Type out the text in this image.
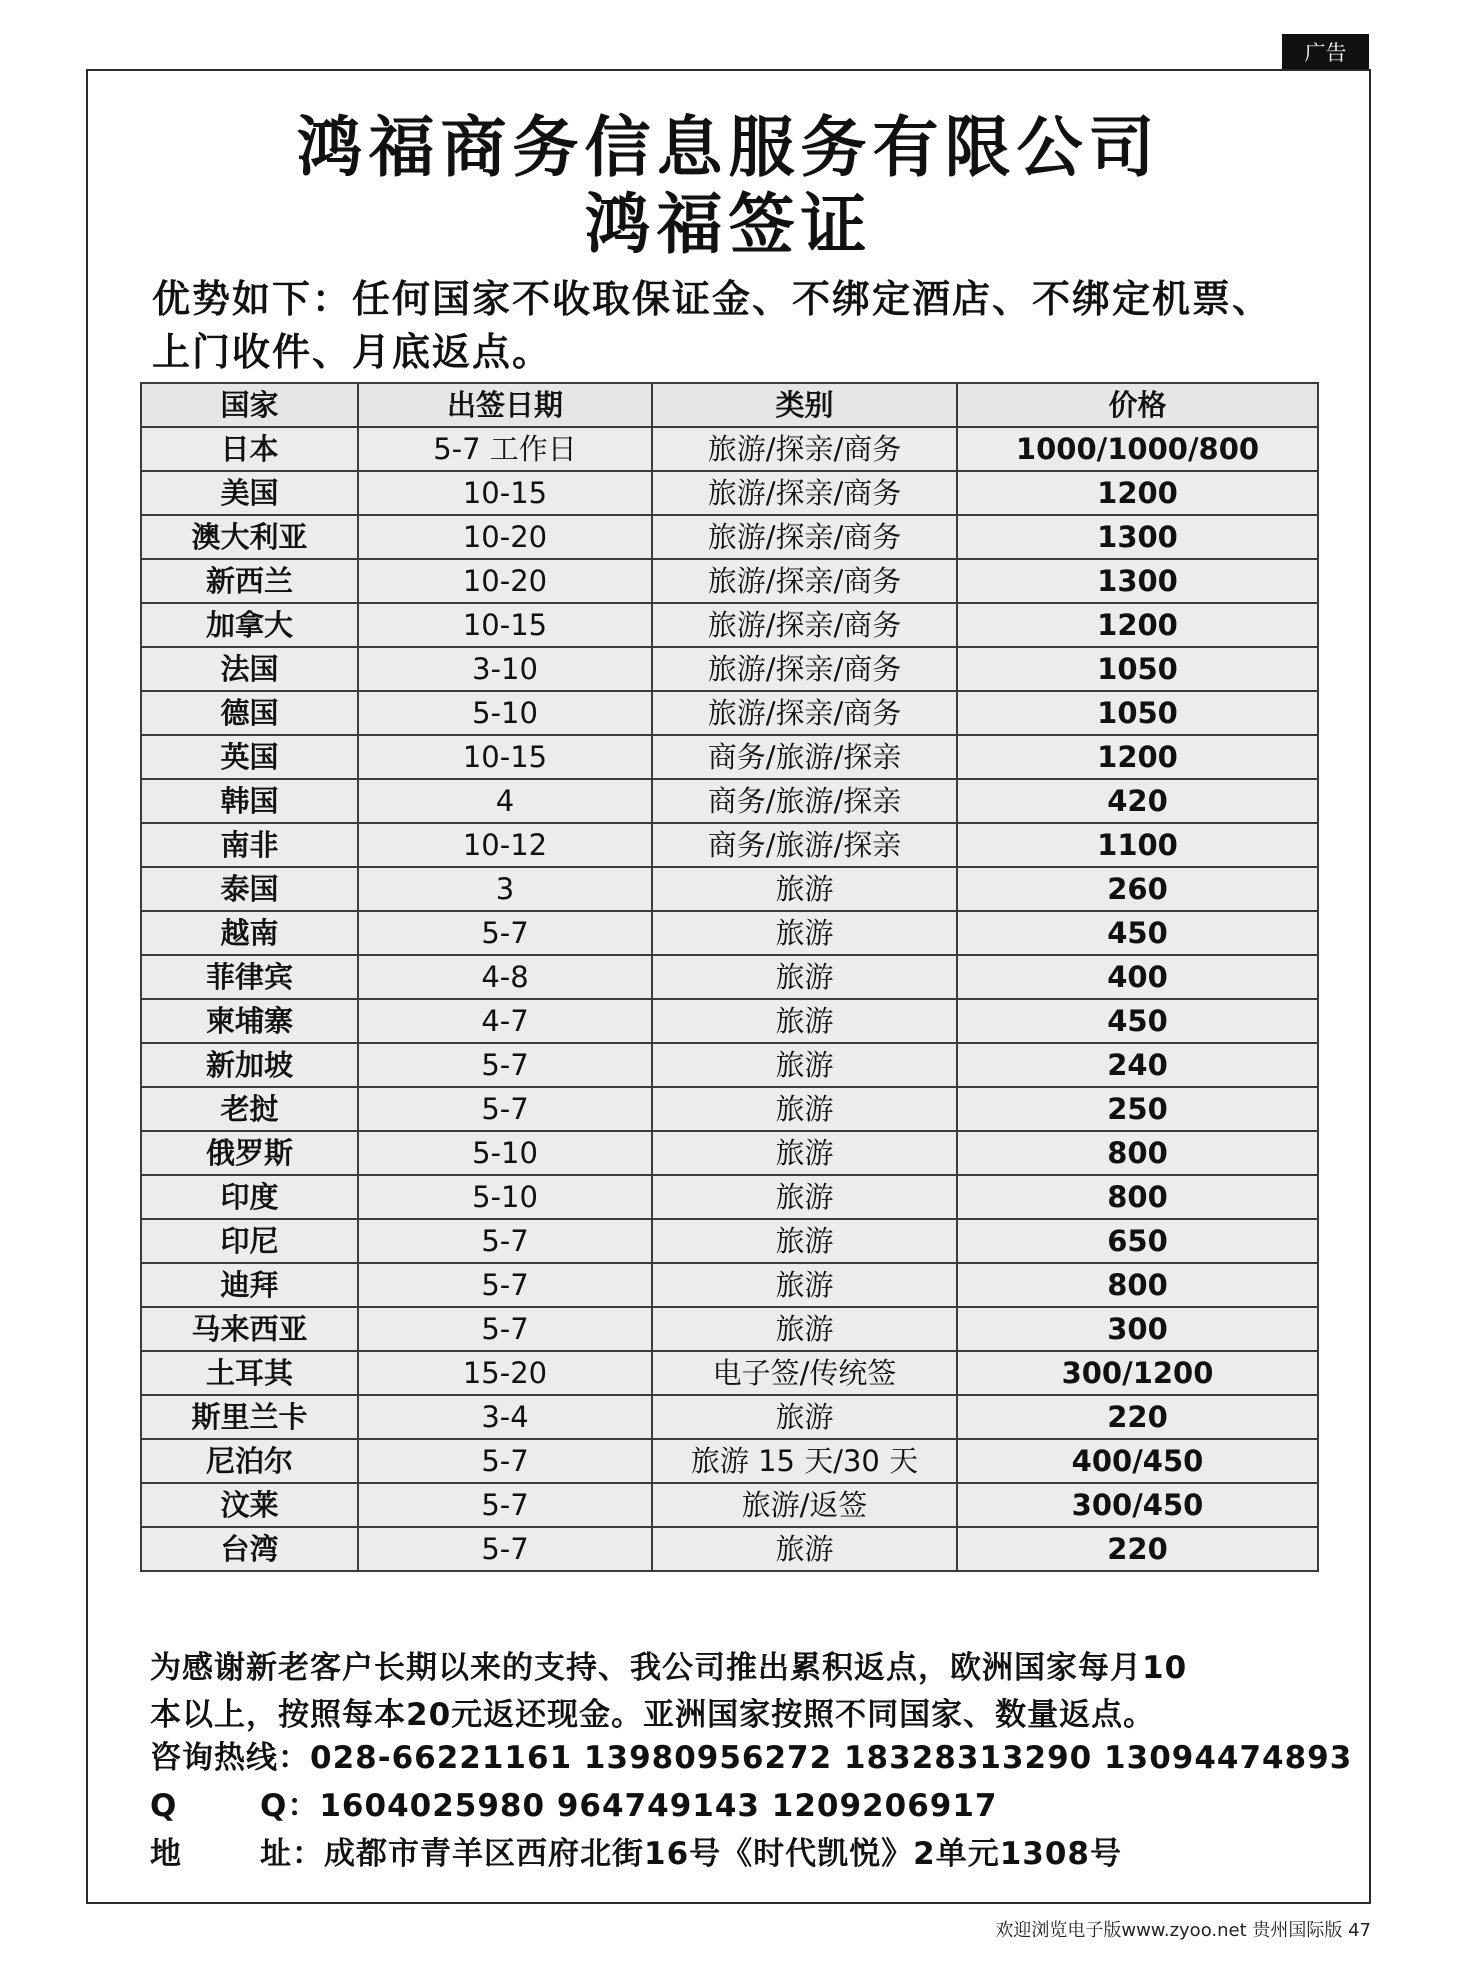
广告
鸿福商务信息服务有限公司
鸿福签证
优势如下：任何国家不收取保证金、不绑定酒店、不绑定机票、
上门收件、月底返点。
国家	出签日期	类别	价格
日本	5-7 工作日	旅游/探亲/商务	1000/1000/800
美国	10-15	旅游/探亲/商务	1200
澳大利亚	10-20	旅游/探亲/商务	1300
新西兰	10-20	旅游/探亲/商务	1300
加拿大	10-15	旅游/探亲/商务	1200
法国	3-10	旅游/探亲/商务	1050
德国	5-10	旅游/探亲/商务	1050
英国	10-15	商务/旅游/探亲	1200
韩国	4	商务/旅游/探亲	420
南非	10-12	商务/旅游/探亲	1100
泰国	3	旅游	260
越南	5-7	旅游	450
菲律宾	4-8	旅游	400
柬埔寨	4-7	旅游	450
新加坡	5-7	旅游	240
老挝	5-7	旅游	250
俄罗斯	5-10	旅游	800
印度	5-10	旅游	800
印尼	5-7	旅游	650
迪拜	5-7	旅游	800
马来西亚	5-7	旅游	300
土耳其	15-20	电子签/传统签	300/1200
斯里兰卡	3-4	旅游	220
尼泊尔	5-7	旅游 15 天/30 天	400/450
汶莱	5-7	旅游/返签	300/450
台湾	5-7	旅游	220
为感谢新老客户长期以来的支持、我公司推出累积返点，欧洲国家每月10
本以上，按照每本20元返还现金。亚洲国家按照不同国家、数量返点。
咨询热线：028-66221161 13980956272 18328313290 13094474893
Q	Q：1604025980 964749143 1209206917
地	址：成都市青羊区西府北街16号《时代凯悦》2单元1308号
欢迎浏览电子版www.zyoo.net 贵州国际版 47
